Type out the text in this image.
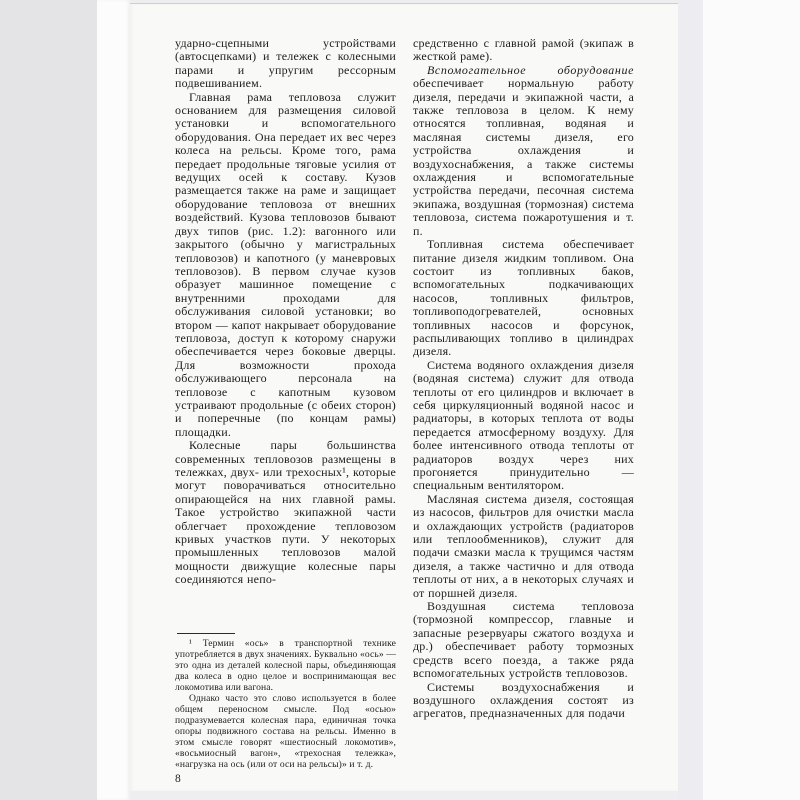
ударно-сцепными устройствами (автосцепками) и тележек с колесными парами и упругим рессорным подвешиванием.

Главная рама тепловоза служит основанием для размещения силовой установки и вспомогательного оборудования. Она передает их вес через колеса на рельсы. Кроме того, рама передает продольные тяговые усилия от ведущих осей к составу. Кузов размещается также на раме и защищает оборудование тепловоза от внешних воздействий. Кузова тепловозов бывают двух типов (рис. 1.2): вагонного или закрытого (обычно у магистральных тепловозов) и капотного (у маневровых тепловозов). В первом случае кузов образует машинное помещение с внутренними проходами для обслуживания силовой установки; во втором — капот накрывает оборудование тепловоза, доступ к которому снаружи обеспечивается через боковые дверцы. Для возможности прохода обслуживающего персонала на тепловозе с капотным кузовом устраивают продольные (с обеих сторон) и поперечные (по концам рамы) площадки.

Колесные пары большинства современных тепловозов размещены в тележках, двух- или трехосных¹, которые могут поворачиваться относительно опирающейся на них главной рамы. Такое устройство экипажной части облегчает прохождение тепловозом кривых участков пути. У некоторых промышленных тепловозов малой мощности движущие колесные пары соединяются непо-

¹ Термин «ось» в транспортной технике употребляется в двух значениях. Буквально «ось» — это одна из деталей колесной пары, объединяющая два колеса в одно целое и воспринимающая вес локомотива или вагона.

Однако часто это слово используется в более общем переносном смысле. Под «осью» подразумевается колесная пара, единичная точка опоры подвижного состава на рельсы. Именно в этом смысле говорят «шестиосный локомотив», «восьмиосный вагон», «трехосная тележка», «нагрузка на ось (или от оси на рельсы)» и т. д.

8

средственно с главной рамой (экипаж в жесткой раме).

Вспомогательное оборудование обеспечивает нормальную работу дизеля, передачи и экипажной части, а также тепловоза в целом. К нему относятся топливная, водяная и масляная системы дизеля, его устройства охлаждения и воздухоснабжения, а также системы охлаждения и вспомогательные устройства передачи, песочная система экипажа, воздушная (тормозная) система тепловоза, система пожаротушения и т. п.

Топливная система обеспечивает питание дизеля жидким топливом. Она состоит из топливных баков, вспомогательных подкачивающих насосов, топливных фильтров, топливоподогревателей, основных топливных насосов и форсунок, распыливающих топливо в цилиндрах дизеля.

Система водяного охлаждения дизеля (водяная система) служит для отвода теплоты от его цилиндров и включает в себя циркуляционный водяной насос и радиаторы, в которых теплота от воды передается атмосферному воздуху. Для более интенсивного отвода теплоты от радиаторов воздух через них прогоняется принудительно — специальным вентилятором.

Масляная система дизеля, состоящая из насосов, фильтров для очистки масла и охлаждающих устройств (радиаторов или теплообменников), служит для подачи смазки масла к трущимся частям дизеля, а также частично и для отвода теплоты от них, а в некоторых случаях и от поршней дизеля.

Воздушная система тепловоза (тормозной компрессор, главные и запасные резервуары сжатого воздуха и др.) обеспечивает работу тормозных средств всего поезда, а также ряда вспомогательных устройств тепловозов.

Системы воздухоснабжения и воздушного охлаждения состоят из агрегатов, предназначенных для подачи
